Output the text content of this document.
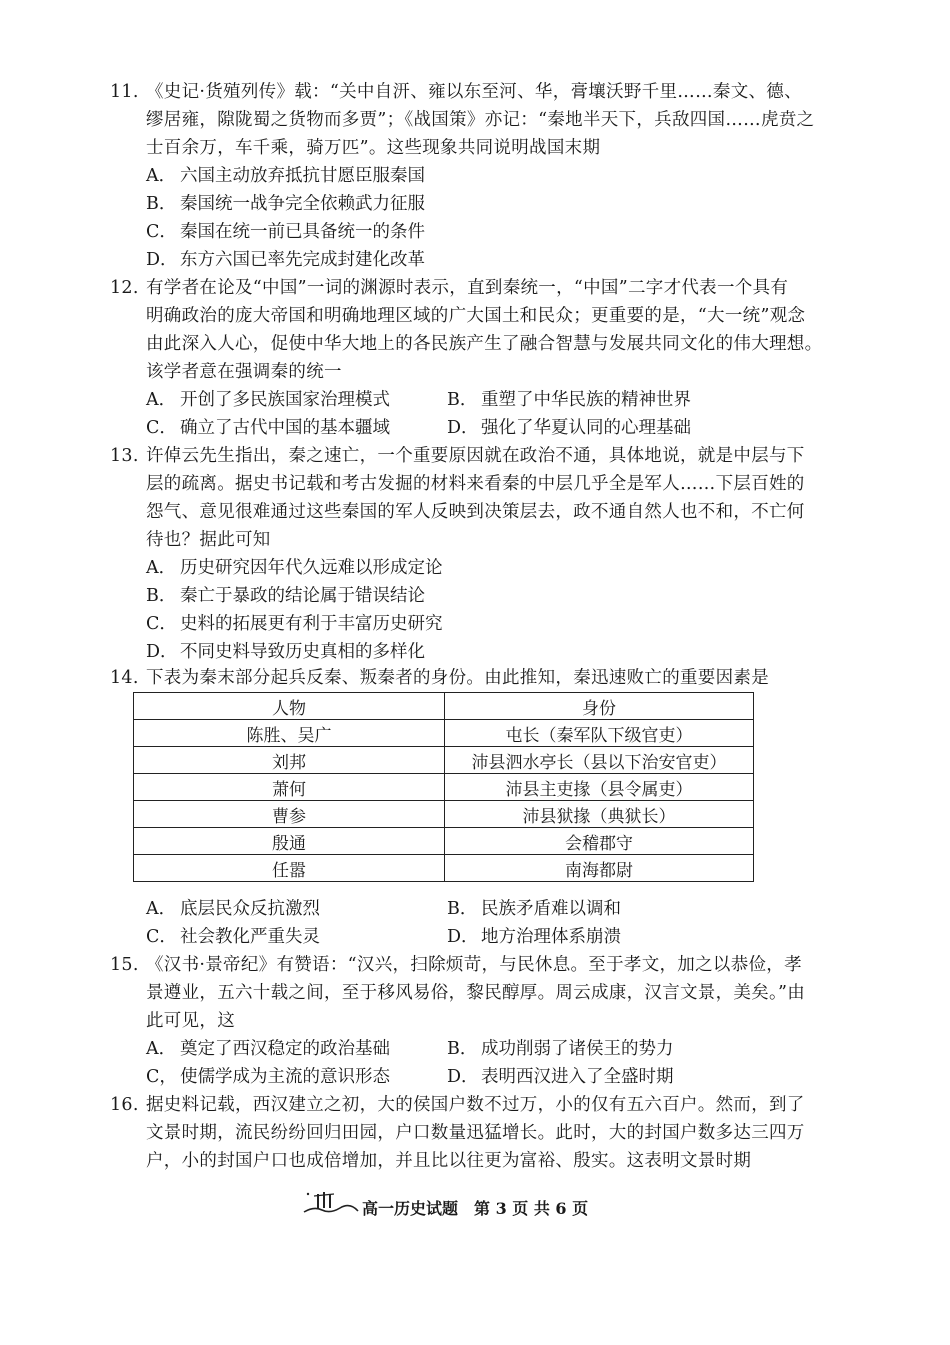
11. 《史记·货殖列传》载：“关中自汧、雍以东至河、华，膏壤沃野千里……秦文、德、
缪居雍，隙陇蜀之货物而多贾”；《战国策》亦记：“秦地半天下，兵敌四国……虎贲之
士百余万，车千乘，骑万匹”。这些现象共同说明战国末期
A． 六国主动放弃抵抗甘愿臣服秦国
B． 秦国统一战争完全依赖武力征服
C． 秦国在统一前已具备统一的条件
D． 东方六国已率先完成封建化改革
12. 有学者在论及“中国”一词的渊源时表示，直到秦统一，“中国”二字才代表一个具有
明确政治的庞大帝国和明确地理区域的广大国土和民众；更重要的是，“大一统”观念
由此深入人心，促使中华大地上的各民族产生了融合智慧与发展共同文化的伟大理想。
该学者意在强调秦的统一
A． 开创了多民族国家治理模式	B． 重塑了中华民族的精神世界
C． 确立了古代中国的基本疆域	D． 强化了华夏认同的心理基础
13. 许倬云先生指出，秦之速亡，一个重要原因就在政治不通，具体地说，就是中层与下
层的疏离。据史书记载和考古发掘的材料来看秦的中层几乎全是军人……下层百姓的
怨气、意见很难通过这些秦国的军人反映到决策层去，政不通自然人也不和，不亡何
待也？据此可知
A． 历史研究因年代久远难以形成定论
B． 秦亡于暴政的结论属于错误结论
C． 史料的拓展更有利于丰富历史研究
D． 不同史料导致历史真相的多样化
14. 下表为秦末部分起兵反秦、叛秦者的身份。由此推知，秦迅速败亡的重要因素是
人物	身份
陈胜、吴广	屯长（秦军队下级官吏）
刘邦	沛县泗水亭长（县以下治安官吏）
萧何	沛县主吏掾（县令属吏）
曹参	沛县狱掾（典狱长）
殷通	会稽郡守
任嚣	南海都尉
A． 底层民众反抗激烈	B． 民族矛盾难以调和
C． 社会教化严重失灵	D． 地方治理体系崩溃
15. 《汉书·景帝纪》有赞语：“汉兴，扫除烦苛，与民休息。至于孝文，加之以恭俭，孝
景遵业，五六十载之间，至于移风易俗，黎民醇厚。周云成康，汉言文景，美矣。”由
此可见，这
A． 奠定了西汉稳定的政治基础	B． 成功削弱了诸侯王的势力
C， 使儒学成为主流的意识形态	D． 表明西汉进入了全盛时期
16. 据史料记载，西汉建立之初，大的侯国户数不过万，小的仅有五六百户。然而，到了
文景时期，流民纷纷回归田园，户口数量迅猛增长。此时，大的封国户数多达三四万
户，小的封国户口也成倍增加，并且比以往更为富裕、殷实。这表明文景时期
高一历史试题　第 3 页 共 6 页
